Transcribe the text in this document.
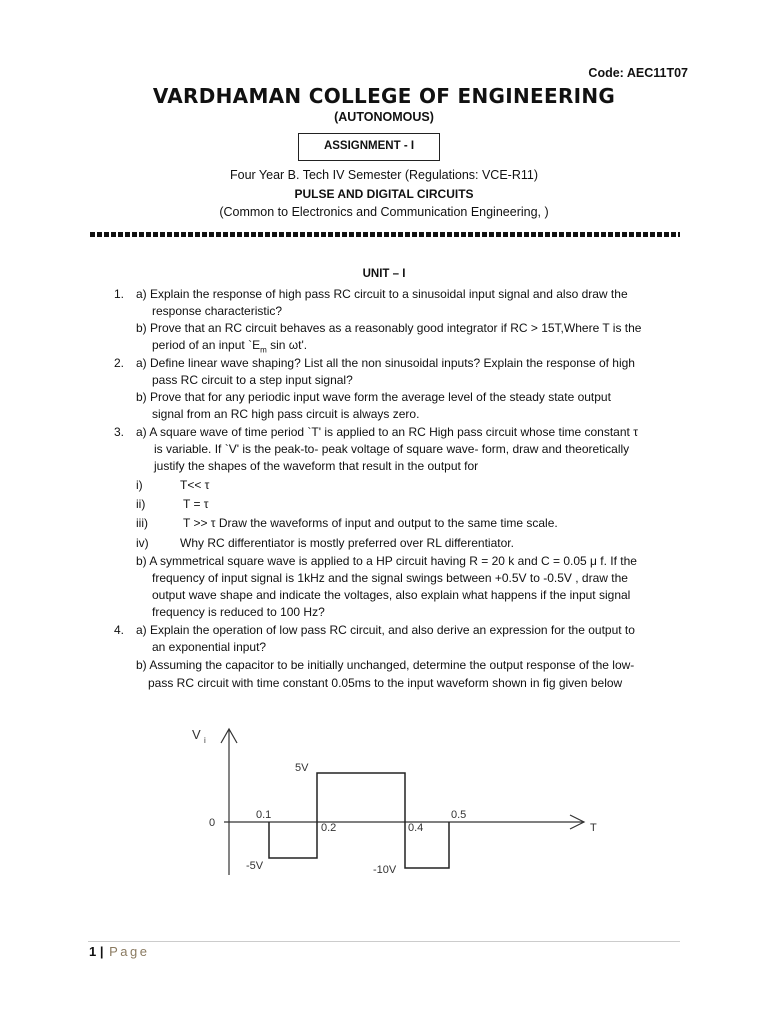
Code: AEC11T07
VARDHAMAN COLLEGE OF ENGINEERING
(AUTONOMOUS)
ASSIGNMENT - I
Four Year B. Tech IV Semester (Regulations: VCE-R11)
PULSE AND DIGITAL CIRCUITS
(Common to Electronics and Communication Engineering, )
UNIT – I
1. a) Explain the response of high pass RC circuit to a sinusoidal input signal and also draw the
response characteristic?
b) Prove that an RC circuit behaves as a reasonably good integrator if RC > 15T,Where T is the
period of an input $`E_m$ sin ωt'.
2. a) Define linear wave shaping? List all the non sinusoidal inputs? Explain the response of high
pass RC circuit to a step input signal?
b) Prove that for any periodic input wave form the average level of the steady state output
signal from an RC high pass circuit is always zero.
3. a) A square wave of time period `T' is applied to an RC High pass circuit whose time constant τ
is variable. If `V' is the peak-to- peak voltage of square wave- form, draw and theoretically
justify the shapes of the waveform that result in the output for
i)	T<< τ
ii)	T = τ
iii)	T >> τ Draw the waveforms of input and output to the same time scale.
iv)	Why RC differentiator is mostly preferred over RL differentiator.
b) A symmetrical square wave is applied to a HP circuit having R = 20 k and C = 0.05 μ f. If the
frequency of input signal is 1kHz and the signal swings between +0.5V to -0.5V , draw the
output wave shape and indicate the voltages, also explain what happens if the input signal
frequency is reduced to 100 Hz?
4. a) Explain the operation of low pass RC circuit, and also derive an expression for the output to
an exponential input?
b) Assuming the capacitor to be initially unchanged, determine the output response of the low-
pass RC circuit with time constant 0.05ms to the input waveform shown in fig given below
V i
T
5V
0
0.1
0.2	0.4
0.5
-5V	-10V
1 | Page
